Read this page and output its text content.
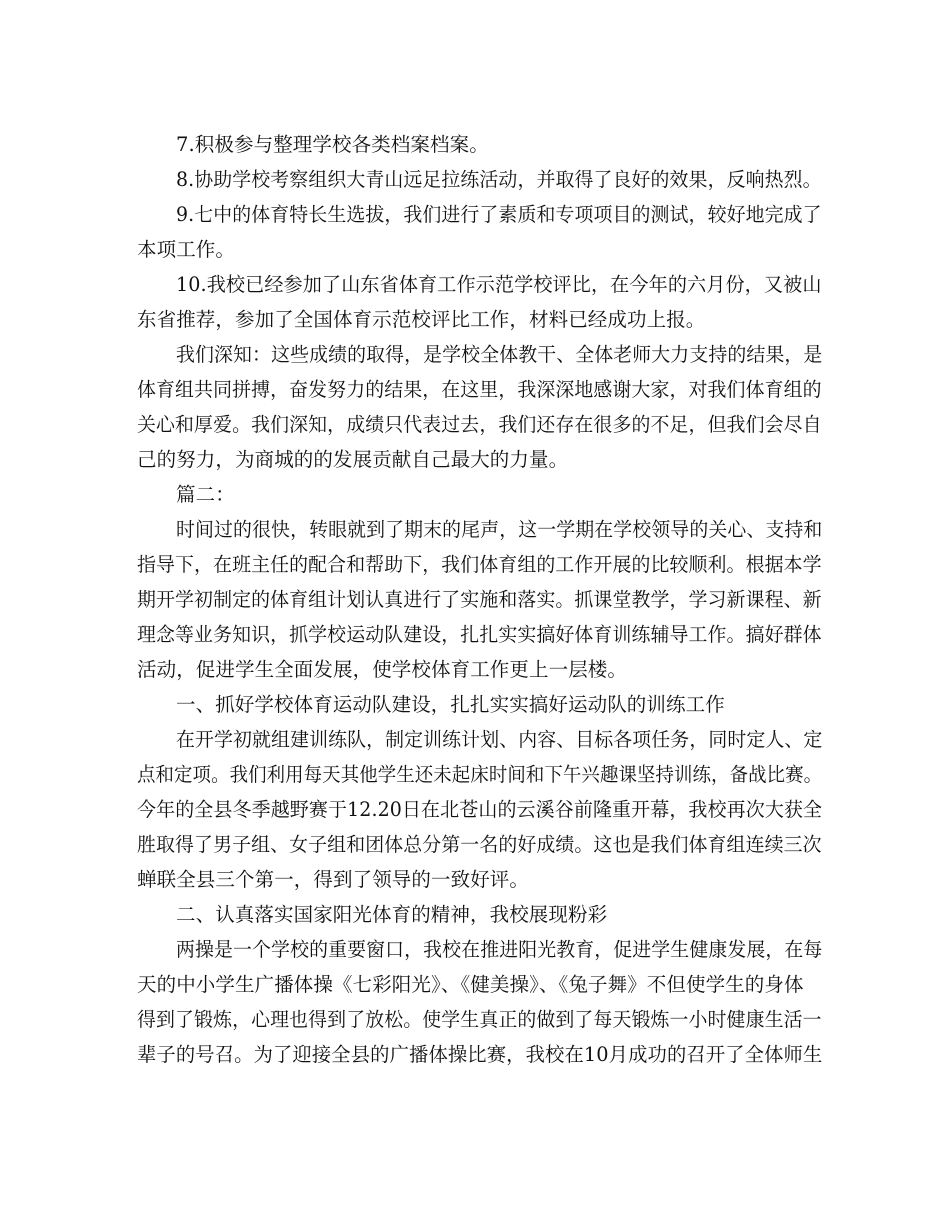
7.积极参与整理学校各类档案档案。
8.协助学校考察组织大青山远足拉练活动，并取得了良好的效果，反响热烈。
9.七中的体育特长生选拔，我们进行了素质和专项项目的测试，较好地完成了
本项工作。
10.我校已经参加了山东省体育工作示范学校评比，在今年的六月份，又被山
东省推荐，参加了全国体育示范校评比工作，材料已经成功上报。
我们深知：这些成绩的取得，是学校全体教干、全体老师大力支持的结果，是
体育组共同拼搏，奋发努力的结果，在这里，我深深地感谢大家，对我们体育组的
关心和厚爱。我们深知，成绩只代表过去，我们还存在很多的不足，但我们会尽自
己的努力，为商城的的发展贡献自己最大的力量。
篇二：
时间过的很快，转眼就到了期末的尾声，这一学期在学校领导的关心、支持和
指导下，在班主任的配合和帮助下，我们体育组的工作开展的比较顺利。根据本学
期开学初制定的体育组计划认真进行了实施和落实。抓课堂教学，学习新课程、新
理念等业务知识，抓学校运动队建设，扎扎实实搞好体育训练辅导工作。搞好群体
活动，促进学生全面发展，使学校体育工作更上一层楼。
一、抓好学校体育运动队建设，扎扎实实搞好运动队的训练工作
在开学初就组建训练队，制定训练计划、内容、目标各项任务，同时定人、定
点和定项。我们利用每天其他学生还未起床时间和下午兴趣课坚持训练，备战比赛。
今年的全县冬季越野赛于12.20日在北苍山的云溪谷前隆重开幕，我校再次大获全
胜取得了男子组、女子组和团体总分第一名的好成绩。这也是我们体育组连续三次
蝉联全县三个第一，得到了领导的一致好评。
二、认真落实国家阳光体育的精神，我校展现粉彩
两操是一个学校的重要窗口，我校在推进阳光教育，促进学生健康发展，在每
天的中小学生广播体操《七彩阳光》、《健美操》、《兔子舞》不但使学生的身体
得到了锻炼，心理也得到了放松。使学生真正的做到了每天锻炼一小时健康生活一
辈子的号召。为了迎接全县的广播体操比赛，我校在10月成功的召开了全体师生
